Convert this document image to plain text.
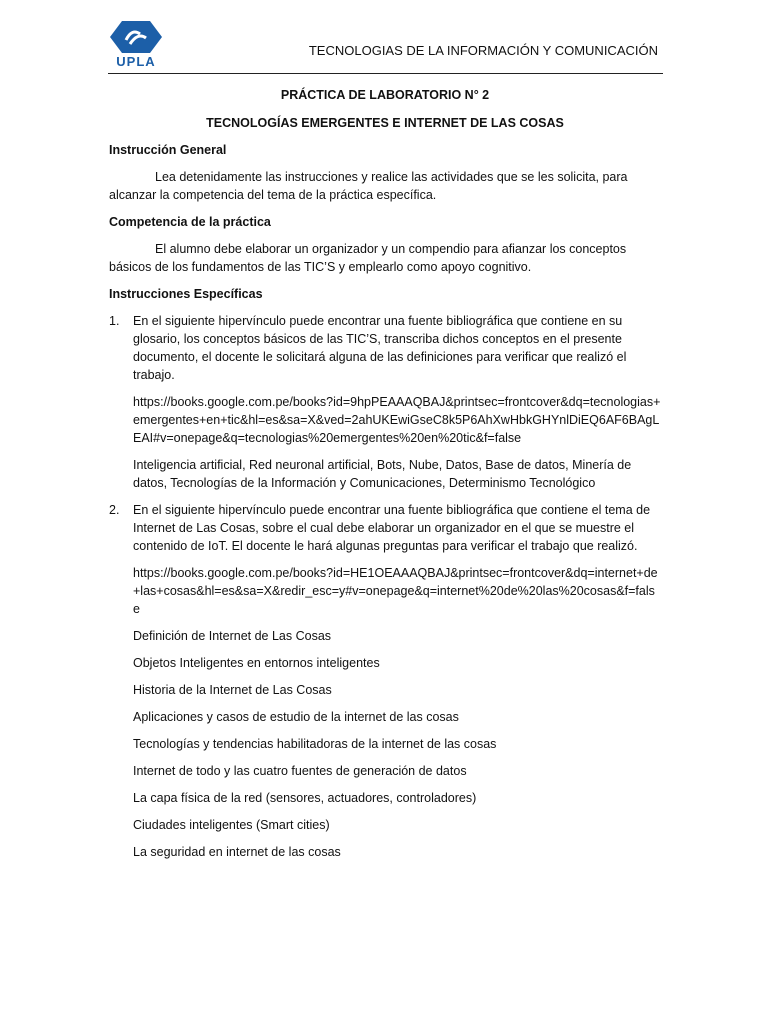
UPLA
TECNOLOGIAS DE LA INFORMACIÓN Y COMUNICACIÓN
PRÁCTICA DE LABORATORIO N° 2
TECNOLOGÍAS EMERGENTES E INTERNET DE LAS COSAS
Instrucción General
Lea detenidamente las instrucciones y realice las actividades que se les solicita, para alcanzar la competencia del tema de la práctica específica.
Competencia de la práctica
El alumno debe elaborar un organizador y un compendio para afianzar los conceptos básicos de los fundamentos de las TIC’S y emplearlo como apoyo cognitivo.
Instrucciones Específicas
1. En el siguiente hipervínculo puede encontrar una fuente bibliográfica que contiene en su glosario, los conceptos básicos de las TIC’S, transcriba dichos conceptos en el presente documento, el docente le solicitará alguna de las definiciones para verificar que realizó el trabajo.
https://books.google.com.pe/books?id=9hpPEAAAQBAJ&printsec=frontcover&dq=tecnologias+emergentes+en+tic&hl=es&sa=X&ved=2ahUKEwiGseC8k5P6AhXwHbkGHYnlDiEQ6AF6BAgLEAI#v=onepage&q=tecnologias%20emergentes%20en%20tic&f=false
Inteligencia artificial, Red neuronal artificial, Bots, Nube, Datos, Base de datos, Minería de datos, Tecnologías de la Información y Comunicaciones, Determinismo Tecnológico
2. En el siguiente hipervínculo puede encontrar una fuente bibliográfica que contiene el tema de Internet de Las Cosas, sobre el cual debe elaborar un organizador en el que se muestre el contenido de IoT. El docente le hará algunas preguntas para verificar el trabajo que realizó.
https://books.google.com.pe/books?id=HE1OEAAAQBAJ&printsec=frontcover&dq=internet+de+las+cosas&hl=es&sa=X&redir_esc=y#v=onepage&q=internet%20de%20las%20cosas&f=false
Definición de Internet de Las Cosas
Objetos Inteligentes en entornos inteligentes
Historia de la Internet de Las Cosas
Aplicaciones y casos de estudio de la internet de las cosas
Tecnologías y tendencias habilitadoras de la internet de las cosas
Internet de todo y las cuatro fuentes de generación de datos
La capa física de la red (sensores, actuadores, controladores)
Ciudades inteligentes (Smart cities)
La seguridad en internet de las cosas
